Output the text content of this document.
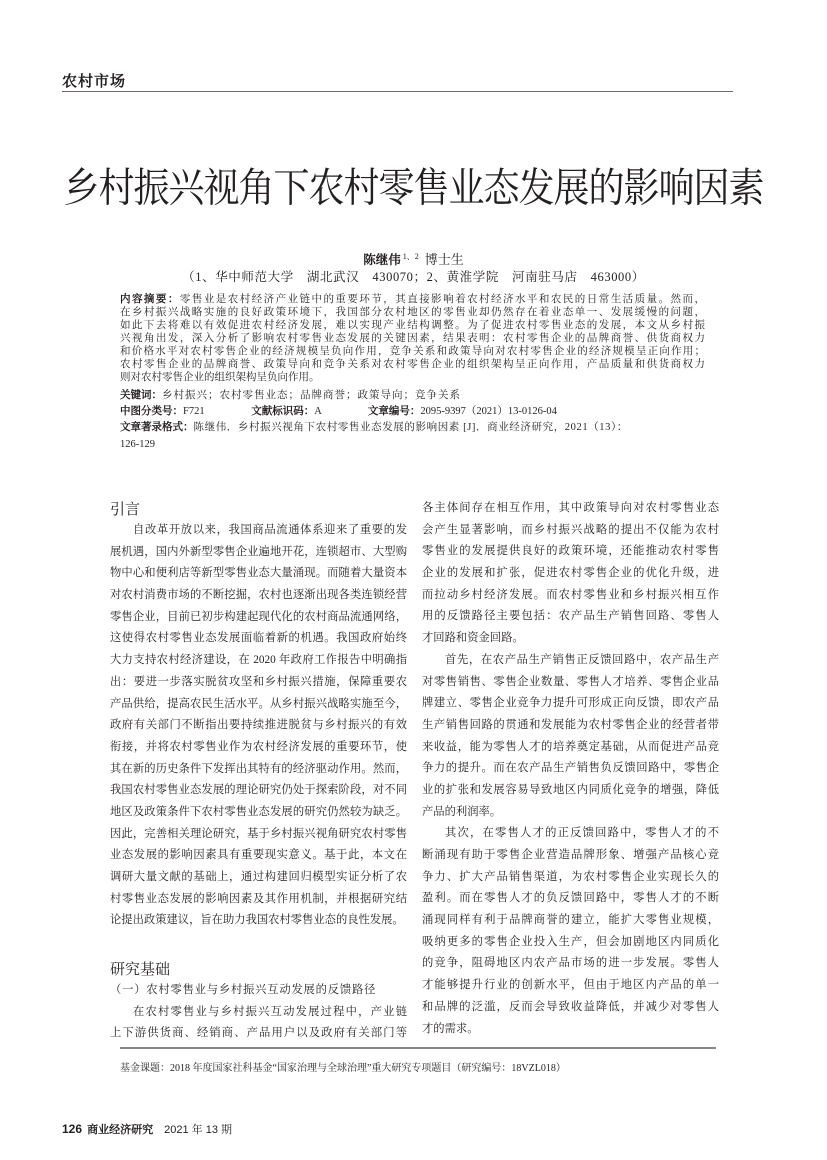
农村市场
乡村振兴视角下农村零售业态发展的影响因素
陈继伟 $^{1、2}$ 博士生
（1、华中师范大学　湖北武汉　430070；2、黄淮学院　河南驻马店　463000）
内容摘要：零售业是农村经济产业链中的重要环节，其直接影响着农村经济水平和农民的日常生活质量。然而，
在乡村振兴战略实施的良好政策环境下，我国部分农村地区的零售业却仍然存在着业态单一、发展缓慢的问题，
如此下去将难以有效促进农村经济发展，难以实现产业结构调整。为了促进农村零售业态的发展，本文从乡村振
兴视角出发，深入分析了影响农村零售业态发展的关键因素，结果表明：农村零售企业的品牌商誉、供货商权力
和价格水平对农村零售企业的经济规模呈负向作用，竞争关系和政策导向对农村零售企业的经济规模呈正向作用；
农村零售企业的品牌商誉、政策导向和竞争关系对农村零售企业的组织架构呈正向作用，产品质量和供货商权力
则对农村零售企业的组织架构呈负向作用。
关键词：乡村振兴；农村零售业态；品牌商誉；政策导向；竞争关系
中图分类号：F721	文献标识码：A	文章编号：2095-9397（2021）13-0126-04
文章著录格式：陈继伟．乡村振兴视角下农村零售业态发展的影响因素 [J]．商业经济研究，2021（13）：
126-129
引言
自改革开放以来，我国商品流通体系迎来了重要的发
展机遇，国内外新型零售企业遍地开花，连锁超市、大型购
物中心和便利店等新型零售业态大量涌现。而随着大量资本
对农村消费市场的不断挖掘，农村也逐渐出现各类连锁经营
零售企业，目前已初步构建起现代化的农村商品流通网络，
这使得农村零售业态发展面临着新的机遇。我国政府始终
大力支持农村经济建设，在 2020 年政府工作报告中明确指
出：要进一步落实脱贫攻坚和乡村振兴措施，保障重要农
产品供给，提高农民生活水平。从乡村振兴战略实施至今，
政府有关部门不断指出要持续推进脱贫与乡村振兴的有效
衔接，并将农村零售业作为农村经济发展的重要环节，使
其在新的历史条件下发挥出其特有的经济驱动作用。然而，
我国农村零售业态发展的理论研究仍处于探索阶段，对不同
地区及政策条件下农村零售业态发展的研究仍然较为缺乏。
因此，完善相关理论研究，基于乡村振兴视角研究农村零售
业态发展的影响因素具有重要现实意义。基于此，本文在
调研大量文献的基础上，通过构建回归模型实证分析了农
村零售业态发展的影响因素及其作用机制，并根据研究结
论提出政策建议，旨在助力我国农村零售业态的良性发展。
研究基础
（一）农村零售业与乡村振兴互动发展的反馈路径
在农村零售业与乡村振兴互动发展过程中，产业链
上下游供货商、经销商、产品用户以及政府有关部门等
各主体间存在相互作用，其中政策导向对农村零售业态
会产生显著影响，而乡村振兴战略的提出不仅能为农村
零售业的发展提供良好的政策环境，还能推动农村零售
企业的发展和扩张，促进农村零售企业的优化升级，进
而拉动乡村经济发展。而农村零售业和乡村振兴相互作
用的反馈路径主要包括：农产品生产销售回路、零售人
才回路和资金回路。
首先，在农产品生产销售正反馈回路中，农产品生产
对零售销售、零售企业数量、零售人才培养、零售企业品
牌建立、零售企业竞争力提升可形成正向反馈，即农产品
生产销售回路的贯通和发展能为农村零售企业的经营者带
来收益，能为零售人才的培养奠定基础，从而促进产品竞
争力的提升。而在农产品生产销售负反馈回路中，零售企
业的扩张和发展容易导致地区内同质化竞争的增强，降低
产品的利润率。
其次，在零售人才的正反馈回路中，零售人才的不
断涌现有助于零售企业营造品牌形象、增强产品核心竞
争力、扩大产品销售渠道，为农村零售企业实现长久的
盈利。而在零售人才的负反馈回路中，零售人才的不断
涌现同样有利于品牌商誉的建立，能扩大零售业规模，
吸纳更多的零售企业投入生产，但会加剧地区内同质化
的竞争，阻碍地区内农产品市场的进一步发展。零售人
才能够提升行业的创新水平，但由于地区内产品的单一
和品牌的泛滥，反而会导致收益降低，并减少对零售人
才的需求。
基金课题：2018 年度国家社科基金“国家治理与全球治理”重大研究专项题目（研究编号：18VZL018）
126 商业经济研究 2021 年 13 期
